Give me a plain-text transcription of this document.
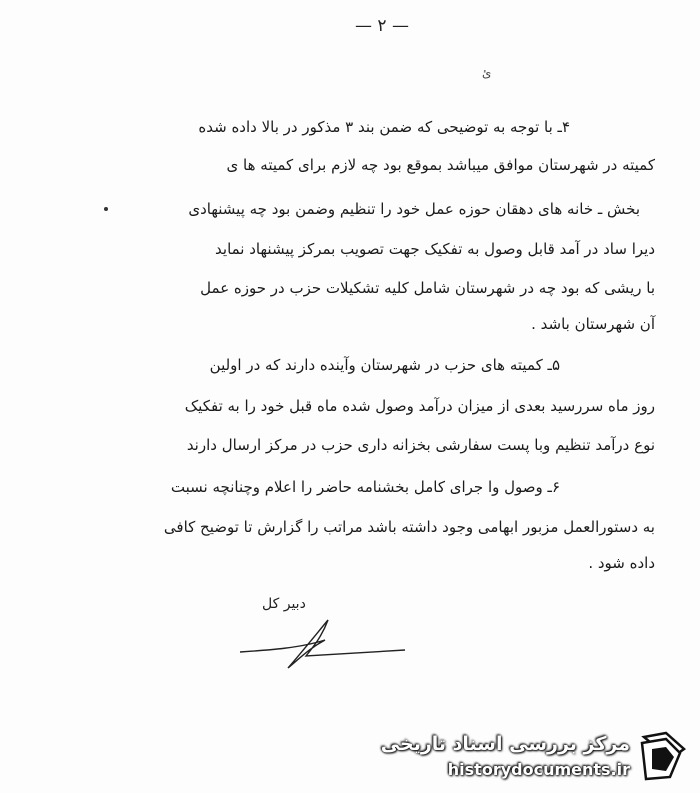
— ۲ —
ئ
۴ـ با توجه به توضیحی که ضمن بند ۳ مذکور در بالا داده شده
کمیته در شهرستان موافق میباشد بموقع بود چه لازم برای کمیته ها ی
بخش ـ خانه های دهقان حوزه عمل خود را تنظیم وضمن بود چه پیشنهادی
دیرا ساد در آمد قابل وصول به تفکیک جهت تصویب بمرکز پیشنهاد نماید
با ریشی که بود چه در شهرستان شامل کلیه تشکیلات حزب در حوزه عمل
آن شهرستان باشد .
۵ـ کمیته های حزب در شهرستان وآینده دارند که در اولین
روز ماه سررسید بعدی از میزان درآمد وصول شده ماه قبل خود را به تفکیک
نوع درآمد تنظیم وبا پست سفارشی بخزانه داری حزب در مرکز ارسال دارند
۶ـ وصول وا جرای کامل بخشنامه حاضر را اعلام وچنانچه نسبت
به دستورالعمل مزبور ابهامی وجود داشته باشد مراتب را گزارش تا توضیح کافی
داده شود .
دبیر کل
مرکز بررسی اسناد تاریخی
historydocuments.ir
